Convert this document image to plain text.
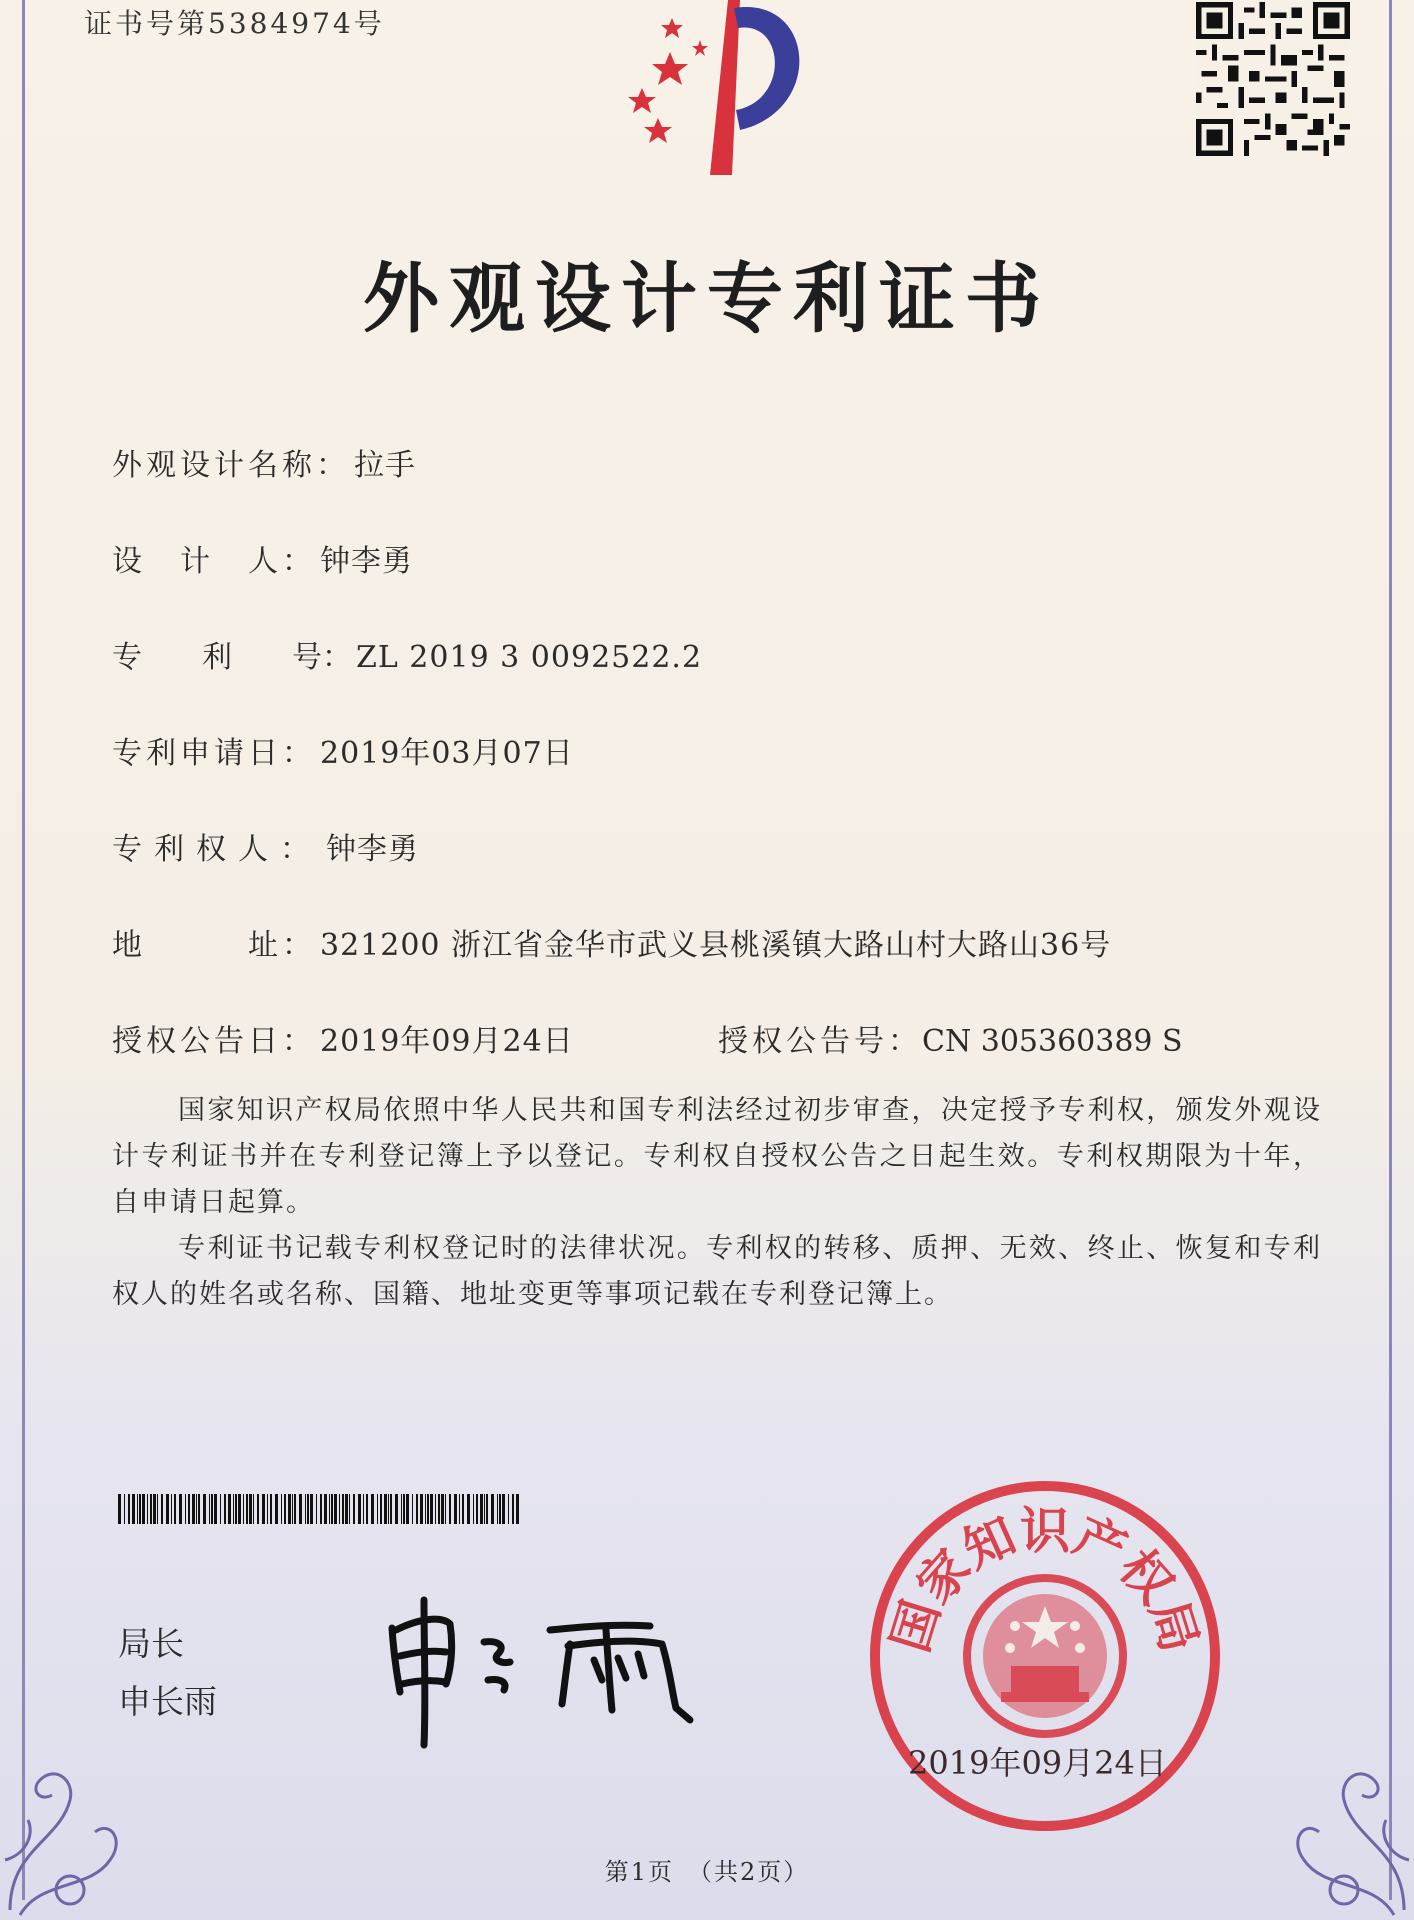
证书号第5384974号
外观设计专利证书
外观设计名称： 拉手
设　计　人： 钟李勇
专　　利　　号： ZL 2019 3 0092522.2
专利申请日： 2019年03月07日
专利权人： 钟李勇
地　　　址： 321200 浙江省金华市武义县桃溪镇大路山村大路山36号
授权公告日： 2019年09月24日	授权公告号：CN 305360389 S
国家知识产权局依照中华人民共和国专利法经过初步审查，决定授予专利权，颁发外观设计专利证书并在专利登记簿上予以登记。专利权自授权公告之日起生效。专利权期限为十年，自申请日起算。
专利证书记载专利权登记时的法律状况。专利权的转移、质押、无效、终止、恢复和专利权人的姓名或名称、国籍、地址变更等事项记载在专利登记簿上。
局长
申长雨
国家知识产权局
2019年09月24日
第1页　（共2页）
